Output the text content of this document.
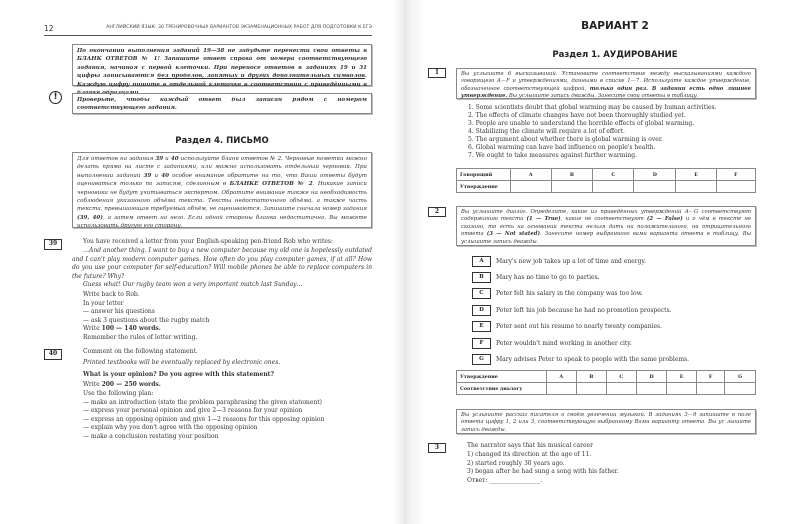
12	АНГЛИЙСКИЙ ЯЗЫК: 30 ТРЕНИРОВОЧНЫХ ВАРИАНТОВ ЭКЗАМЕНАЦИОННЫХ РАБОТ ДЛЯ ПОДГОТОВКИ К ЕГЭ
По окончании выполнения заданий 19—38 не забудьте перенести свои ответы в БЛАНК ОТВЕТОВ № 1! Запишите ответ справа от номера соответствующего задания, начиная с первой клеточки. При переносе ответов в заданиях 19 и 31 цифры записываются без пробелов, запятых и других дополнительных символов. Каждую цифру пишите в отдельной клеточке в соответствии с приведёнными в бланке образцами.
!	Проверьте, чтобы каждый ответ был записан рядом с номером соответствующего задания.
Раздел 4. ПИСЬМО
Для ответов на задания 39 и 40 используйте бланк ответов № 2. Черновые пометки можно делать прямо на листе с заданиями, или можно использовать отдельный черновик. При выполнении заданий 39 и 40 особое внимание обратите на то, что Ваши ответы будут оцениваться только по записям, сделанным в БЛАНКЕ ОТВЕТОВ № 2. Никакие записи черновика не будут учитываться экспертом. Обратите внимание также на необходимость соблюдения указанного объёма текста. Тексты недостаточного объёма, а также часть текста, превышающая требуемый объём, не оцениваются. Запишите сначала номер задания (39, 40), а затем ответ на него. Если одной стороны бланка недостаточно, Вы можете использовать другую его сторону.
39	You have received a letter from your English-speaking pen-friend Rob who writes:
…And another thing. I want to buy a new computer because my old one is hopelessly outdated and I can't play modern computer games. How often do you play computer games, if at all? How do you use your computer for self-education? Will mobile phones be able to replace computers in the future? Why?
Guess what! Our rugby team won a very important match last Sunday…
Write back to Rob.
In your letter
— answer his questions
— ask 3 questions about the rugby match
Write 100 — 140 words.
Remember the rules of letter writing.
40	Comment on the following statement.
Printed textbooks will be eventually replaced by electronic ones.
What is your opinion? Do you agree with this statement?
Write 200 — 250 words.
Use the following plan:
— make an introduction (state the problem paraphrasing the given statement)
— express your personal opinion and give 2—3 reasons for your opinion
— express an opposing opinion and give 1—2 reasons for this opposing opinion
— explain why you don't agree with the opposing opinion
— make a conclusion restating your position
ВАРИАНТ 2
Раздел 1. АУДИРОВАНИЕ
1	Вы услышите 6 высказываний. Установите соответствие между высказываниями каждого говорящего A—F и утверждениями, данными в списке 1—7. Используйте каждое утверждение, обозначенное соответствующей цифрой, только один раз. В задании есть одно лишнее утверждение. Вы услышите запись дважды. Занесите свои ответы в таблицу.
1. Some scientists doubt that global warming may be caused by human activities.
2. The effects of climate changes have not been thoroughly studied yet.
3. People are unable to understand the horrible effects of global warming.
4. Stabilizing the climate will require a lot of effort.
5. The argument about whether there is global warming is over.
6. Global warming can have bad influence on people's health.
7. We ought to take measures against further warming.
Говорящий	A	B	C	D	E	F
Утверждение						
2	Вы услышите диалог. Определите, какие из приведённых утверждений A—G соответствуют содержанию текста (1 — True), какие не соответствуют (2 — False) и о чём в тексте не сказано, то есть на основании текста нельзя дать ни положительного, ни отрицательного ответа (3 — Not stated). Занесите номер выбранного вами варианта ответа в таблицу. Вы услышите запись дважды.
A	Mary's new job takes up a lot of time and energy.
B	Mary has no time to go to parties.
C	Peter felt his salary in the company was too low.
D	Peter left his job because he had no promotion prospects.
E	Peter sent out his resume to nearly twenty companies.
F	Peter wouldn't mind working in another city.
G	Mary advises Peter to speak to people with the same problems.
Утверждение	A	B	C	D	E	F	G
Соответствие диалогу							
Вы услышите рассказ писателя о своём увлечении музыкой. В заданиях 3—9 запишите в поле ответа цифру 1, 2 или 3, соответствующую выбранному Вами варианту ответа. Вы ус лышите запись дважды.
3	The narrator says that his musical career
1) changed its direction at the age of 11.
2) started roughly 30 years ago.
3) began after he had sung a song with his father.
Ответ: _________________.
